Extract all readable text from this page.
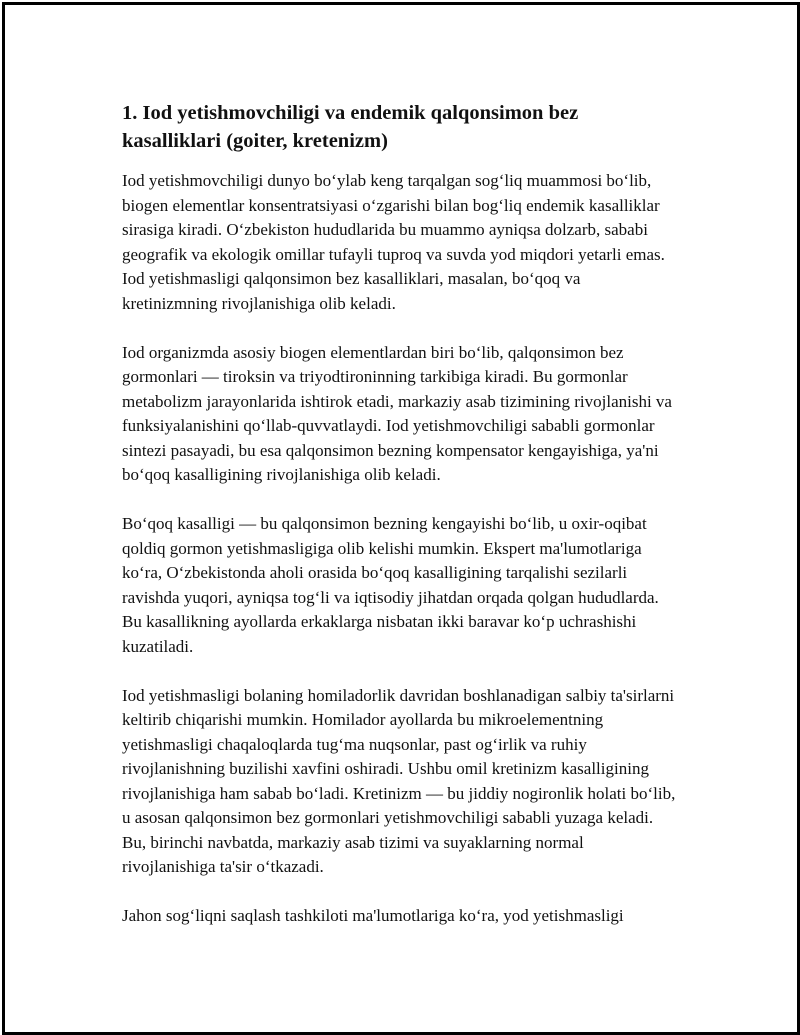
1. Iod yetishmovchiligi va endemik qalqonsimon bez kasalliklari (goiter, kretenizm)

Iod yetishmovchiligi dunyo boʻylab keng tarqalgan sogʻliq muammosi boʻlib, biogen elementlar konsentratsiyasi oʻzgarishi bilan bogʻliq endemik kasalliklar sirasiga kiradi. Oʻzbekiston hududlarida bu muammo ayniqsa dolzarb, sababi geografik va ekologik omillar tufayli tuproq va suvda yod miqdori yetarli emas. Iod yetishmasligi qalqonsimon bez kasalliklari, masalan, boʻqoq va kretinizmning rivojlanishiga olib keladi.

Iod organizmda asosiy biogen elementlardan biri boʻlib, qalqonsimon bez gormonlari — tiroksin va triyodtironinning tarkibiga kiradi. Bu gormonlar metabolizm jarayonlarida ishtirok etadi, markaziy asab tizimining rivojlanishi va funksiyalanishini qoʻllab-quvvatlaydi. Iod yetishmovchiligi sababli gormonlar sintezi pasayadi, bu esa qalqonsimon bezning kompensator kengayishiga, ya'ni boʻqoq kasalligining rivojlanishiga olib keladi.

Boʻqoq kasalligi — bu qalqonsimon bezning kengayishi boʻlib, u oxir-oqibat qoldiq gormon yetishmasligiga olib kelishi mumkin. Ekspert ma'lumotlariga koʻra, Oʻzbekistonda aholi orasida boʻqoq kasalligining tarqalishi sezilarli ravishda yuqori, ayniqsa togʻli va iqtisodiy jihatdan orqada qolgan hududlarda. Bu kasallikning ayollarda erkaklarga nisbatan ikki baravar koʻp uchrashishi kuzatiladi.

Iod yetishmasligi bolaning homiladorlik davridan boshlanadigan salbiy ta'sirlarni keltirib chiqarishi mumkin. Homilador ayollarda bu mikroelementning yetishmasligi chaqaloqlarda tugʻma nuqsonlar, past ogʻirlik va ruhiy rivojlanishning buzilishi xavfini oshiradi. Ushbu omil kretinizm kasalligining rivojlanishiga ham sabab boʻladi. Kretinizm — bu jiddiy nogironlik holati boʻlib, u asosan qalqonsimon bez gormonlari yetishmovchiligi sababli yuzaga keladi. Bu, birinchi navbatda, markaziy asab tizimi va suyaklarning normal rivojlanishiga ta'sir oʻtkazadi.

Jahon sogʻliqni saqlash tashkiloti ma'lumotlariga koʻra, yod yetishmasligi
